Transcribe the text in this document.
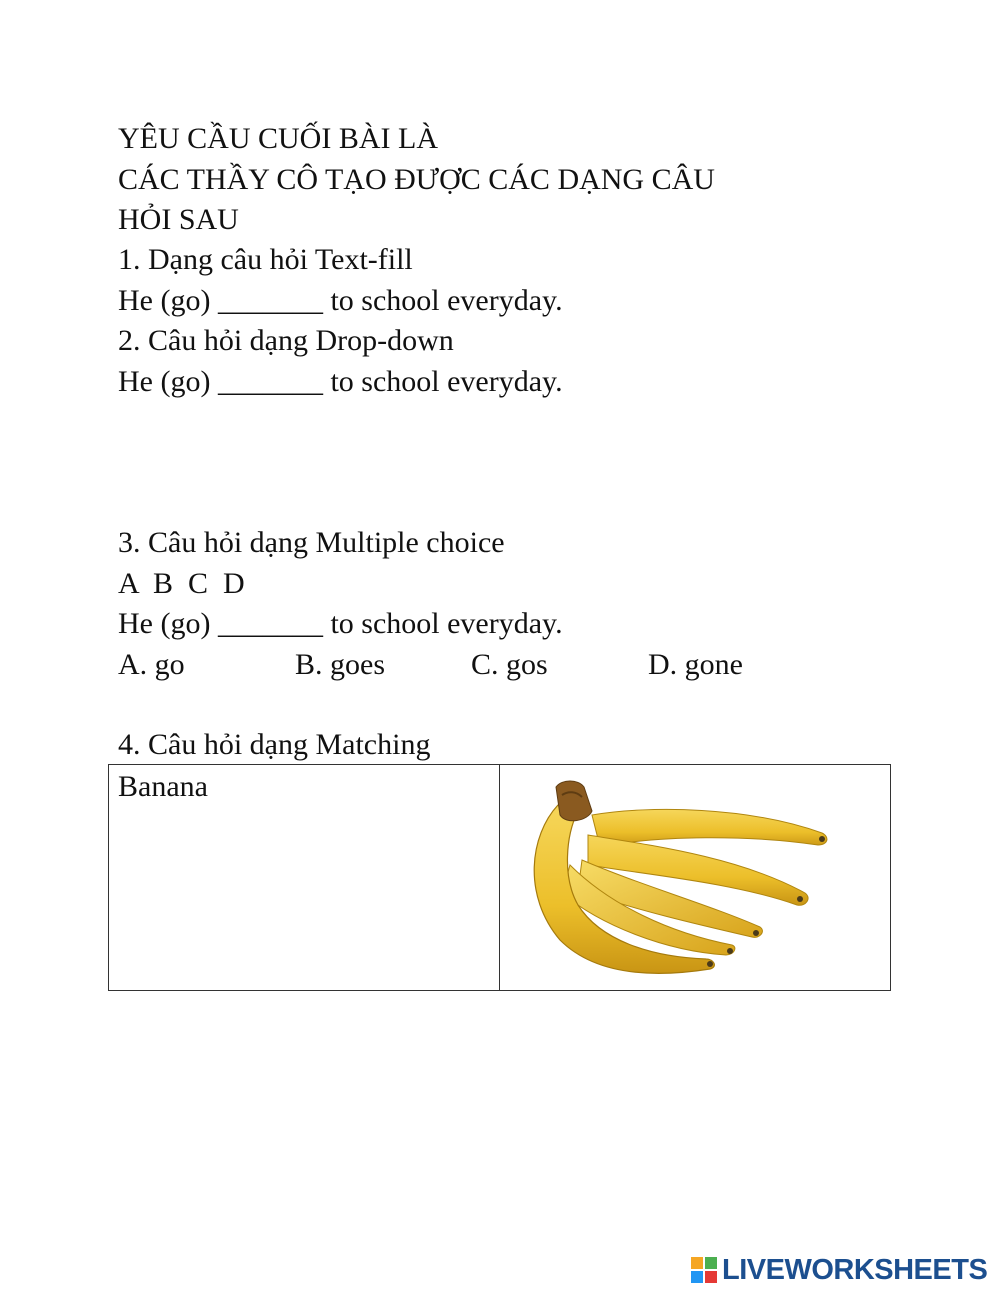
YÊU CẦU CUỐI BÀI LÀ
CÁC THẦY CÔ TẠO ĐƯỢC CÁC DẠNG CÂU
HỎI SAU
1. Dạng câu hỏi Text-fill
He (go) _______ to school everyday.
2. Câu hỏi dạng Drop-down
He (go) _______ to school everyday.
3. Câu hỏi dạng Multiple choice
A  B  C  D
He (go) _______ to school everyday.
A. go	B. goes	C. gos	D. gone
4. Câu hỏi dạng Matching
Banana

LIVEWORKSHEETS
